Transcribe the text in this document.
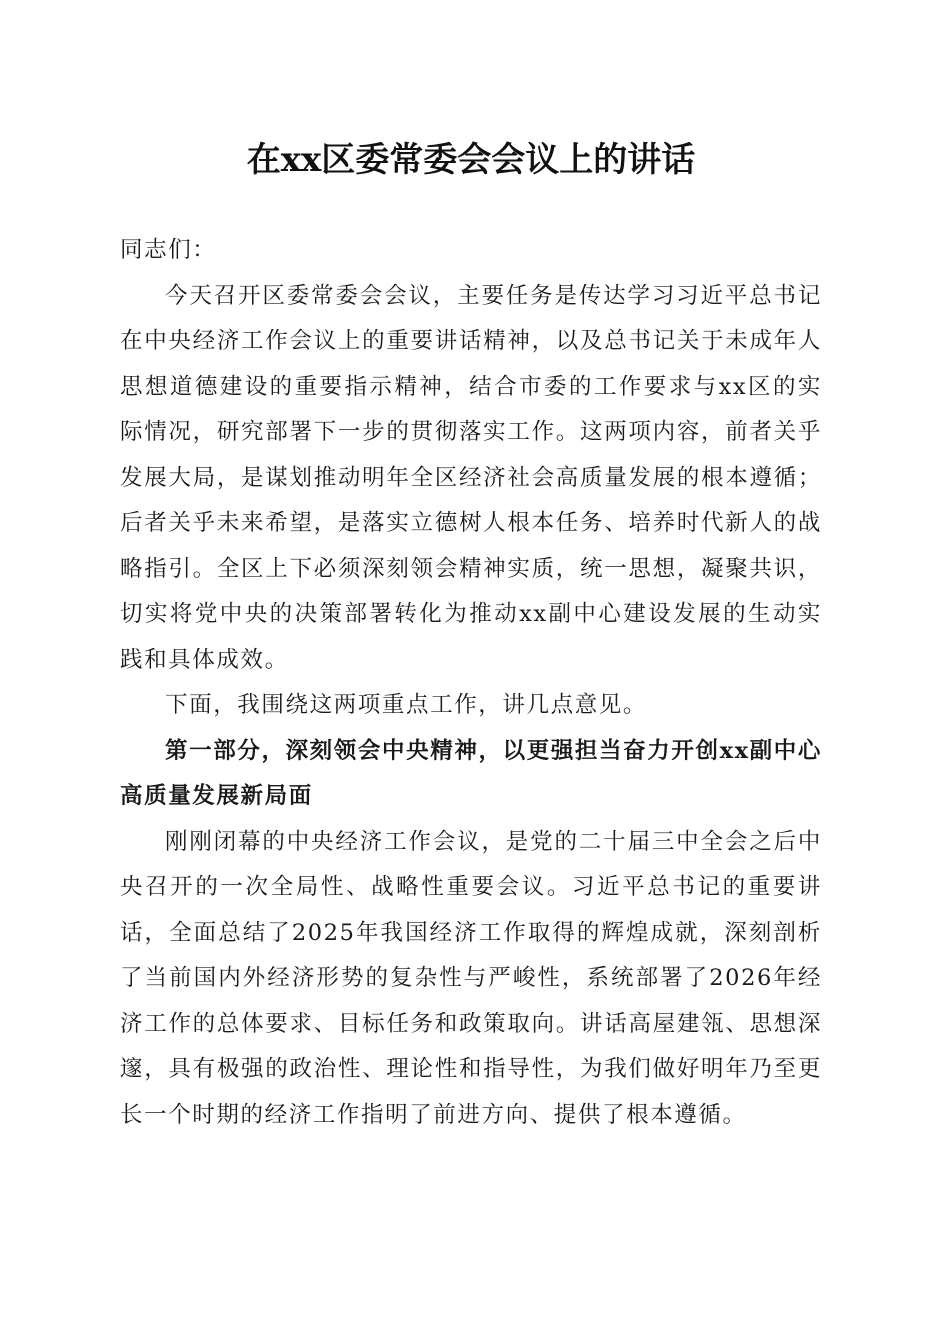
在xx区委常委会会议上的讲话

同志们：

今天召开区委常委会会议，主要任务是传达学习习近平总书记在中央经济工作会议上的重要讲话精神，以及总书记关于未成年人思想道德建设的重要指示精神，结合市委的工作要求与xx区的实际情况，研究部署下一步的贯彻落实工作。这两项内容，前者关乎发展大局，是谋划推动明年全区经济社会高质量发展的根本遵循；后者关乎未来希望，是落实立德树人根本任务、培养时代新人的战略指引。全区上下必须深刻领会精神实质，统一思想，凝聚共识，切实将党中央的决策部署转化为推动xx副中心建设发展的生动实践和具体成效。

下面，我围绕这两项重点工作，讲几点意见。

第一部分，深刻领会中央精神，以更强担当奋力开创xx副中心高质量发展新局面

刚刚闭幕的中央经济工作会议，是党的二十届三中全会之后中央召开的一次全局性、战略性重要会议。习近平总书记的重要讲话，全面总结了2025年我国经济工作取得的辉煌成就，深刻剖析了当前国内外经济形势的复杂性与严峻性，系统部署了2026年经济工作的总体要求、目标任务和政策取向。讲话高屋建瓴、思想深邃，具有极强的政治性、理论性和指导性，为我们做好明年乃至更长一个时期的经济工作指明了前进方向、提供了根本遵循。
